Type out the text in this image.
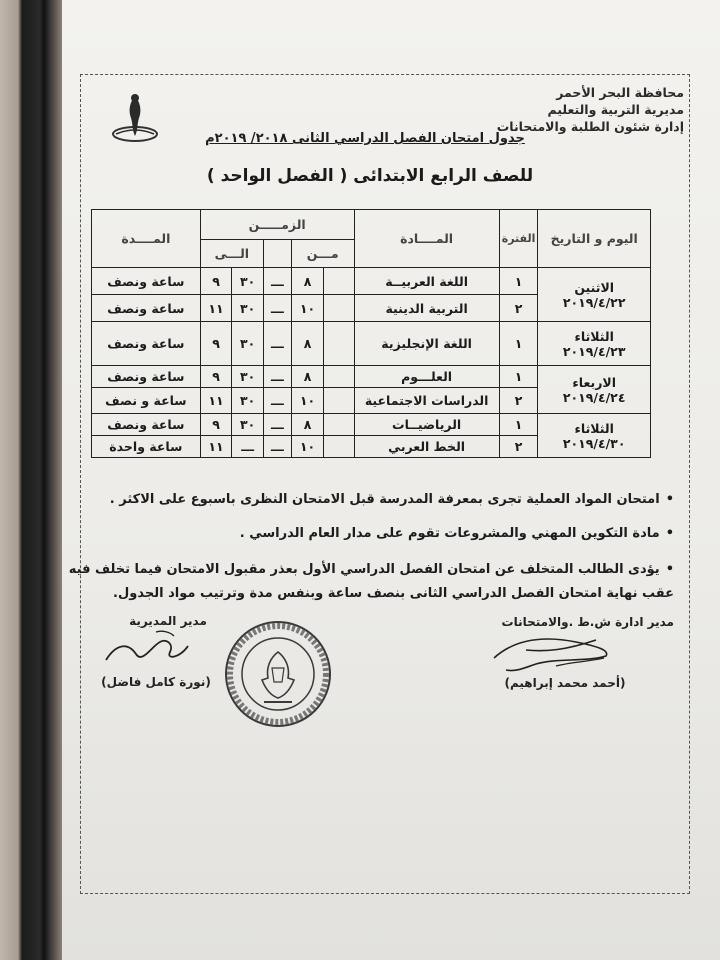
محافظة البحر الأحمر
مديرية التربية والتعليم
إدارة شئون الطلبة والامتحانات
جدول امتحان الفصل الدراسي الثانى ٢٠١٨/ ٢٠١٩م
للصف الرابع الابتدائى ( الفصل الواحد )
اليوم و التاريخ	الفترة	المــــادة	الزمـــــن					المــــدة
			مـــن			الـــى		

الاثنين
٢٠١٩/٤/٢٢	١	اللغة العربيــة		٨	ـــ	٣٠	٩	ساعة ونصف
	٢	التربية الدينية		١٠	ـــ	٣٠	١١	ساعة ونصف

الثلاثاء
٢٠١٩/٤/٢٣	١	اللغة الإنجليزية		٨	ـــ	٣٠	٩	ساعة ونصف

الاربعاء
٢٠١٩/٤/٢٤	١	العلـــوم		٨	ـــ	٣٠	٩	ساعة ونصف
	٢	الدراسات الاجتماعية		١٠	ـــ	٣٠	١١	ساعة و نصف

الثلاثاء
٢٠١٩/٤/٣٠	١	الرياضيــات		٨	ـــ	٣٠	٩	ساعة ونصف
	٢	الخط العربي		١٠	ـــ	ـــ	١١	ساعة واحدة
•امتحان المواد العملية تجرى بمعرفة المدرسة قبل الامتحان النظرى باسبوع على الاكثر .
•مادة التكوين المهني والمشروعات تقوم على مدار العام الدراسي .
•يؤدى الطالب المتخلف عن امتحان الفصل الدراسي الأول بعذر مقبول الامتحان فيما تخلف فيه عقب نهاية امتحان الفصل الدراسي الثانى بنصف ساعة وبنفس مدة وترتيب مواد الجدول.
مدير ادارة ش.ط .والامتحانات
(أحمد محمد إبراهيم)
مدير المديرية
(نورة كامل فاضل)
